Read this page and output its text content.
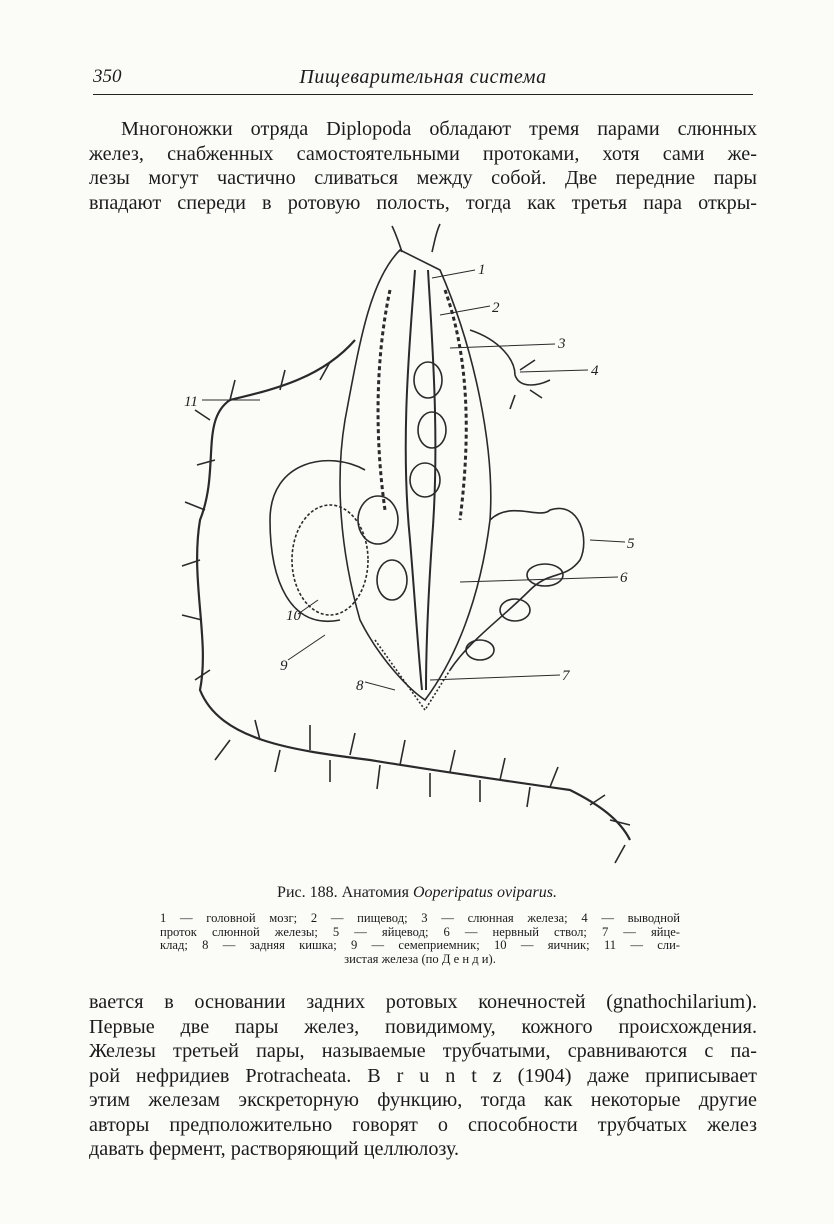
350	Пищеварительная система
Многоножки отряда Diplopoda обладают тремя парами слюнных
желез, снабженных самостоятельными протоками, хотя сами же-
лезы могут частично сливаться между собой. Две передние пары
впадают спереди в ротовую полость, тогда как третья пара откры-
1
2
3
4
5
6
7
8
9
10
11
Рис. 188. Анатомия Ooperipatus oviparus.
1 — головной мозг; 2 — пищевод; 3 — слюнная железа; 4 — выводной
проток слюнной железы; 5 — яйцевод; 6 — нервный ствол; 7 — яйце-
клад; 8 — задняя кишка; 9 — семеприемник; 10 — яичник; 11 — сли-
зистая железа (по Д е н д и).
вается в основании задних ротовых конечностей (gnathochilarium).
Первые две пары желез, повидимому, кожного происхождения.
Железы третьей пары, называемые трубчатыми, сравниваются с па-
рой нефридиев Protracheata. B r u n t z (1904) даже приписывает
этим железам экскреторную функцию, тогда как некоторые другие
авторы предположительно говорят о способности трубчатых желез
давать фермент, растворяющий целлюлозу.
